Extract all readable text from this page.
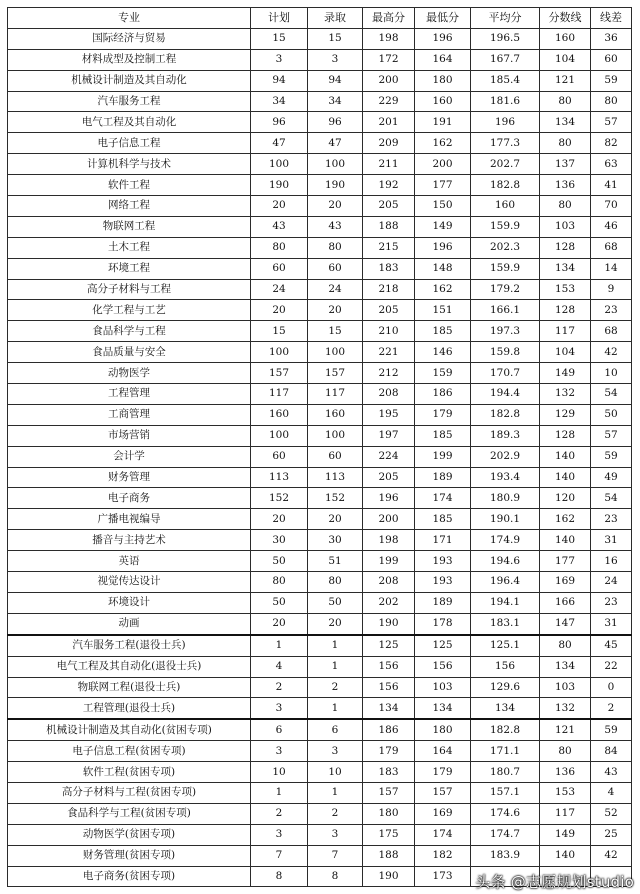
专业	计划	录取	最高分	最低分	平均分	分数线	线差
国际经济与贸易	15	15	198	196	196.5	160	36
材料成型及控制工程	3	3	172	164	167.7	104	60
机械设计制造及其自动化	94	94	200	180	185.4	121	59
汽车服务工程	34	34	229	160	181.6	80	80
电气工程及其自动化	96	96	201	191	196	134	57
电子信息工程	47	47	209	162	177.3	80	82
计算机科学与技术	100	100	211	200	202.7	137	63
软件工程	190	190	192	177	182.8	136	41
网络工程	20	20	205	150	160	80	70
物联网工程	43	43	188	149	159.9	103	46
土木工程	80	80	215	196	202.3	128	68
环境工程	60	60	183	148	159.9	134	14
高分子材料与工程	24	24	218	162	179.2	153	9
化学工程与工艺	20	20	205	151	166.1	128	23
食品科学与工程	15	15	210	185	197.3	117	68
食品质量与安全	100	100	221	146	159.8	104	42
动物医学	157	157	212	159	170.7	149	10
工程管理	117	117	208	186	194.4	132	54
工商管理	160	160	195	179	182.8	129	50
市场营销	100	100	197	185	189.3	128	57
会计学	60	60	224	199	202.9	140	59
财务管理	113	113	205	189	193.4	140	49
电子商务	152	152	196	174	180.9	120	54
广播电视编导	20	20	200	185	190.1	162	23
播音与主持艺术	30	30	198	171	174.9	140	31
英语	50	51	199	193	194.6	177	16
视觉传达设计	80	80	208	193	196.4	169	24
环境设计	50	50	202	189	194.1	166	23
动画	20	20	190	178	183.1	147	31
汽车服务工程(退役士兵)	1	1	125	125	125.1	80	45
电气工程及其自动化(退役士兵)	4	1	156	156	156	134	22
物联网工程(退役士兵)	2	2	156	103	129.6	103	0
工程管理(退役士兵)	3	1	134	134	134	132	2
机械设计制造及其自动化(贫困专项)	6	6	186	180	182.8	121	59
电子信息工程(贫困专项)	3	3	179	164	171.1	80	84
软件工程(贫困专项)	10	10	183	179	180.7	136	43
高分子材料与工程(贫困专项)	1	1	157	157	157.1	153	4
食品科学与工程(贫困专项)	2	2	180	169	174.6	117	52
动物医学(贫困专项)	3	3	175	174	174.7	149	25
财务管理(贫困专项)	7	7	188	182	183.9	140	42
电子商务(贫困专项)	8	8	190	173			头条 @志愿规划studio
